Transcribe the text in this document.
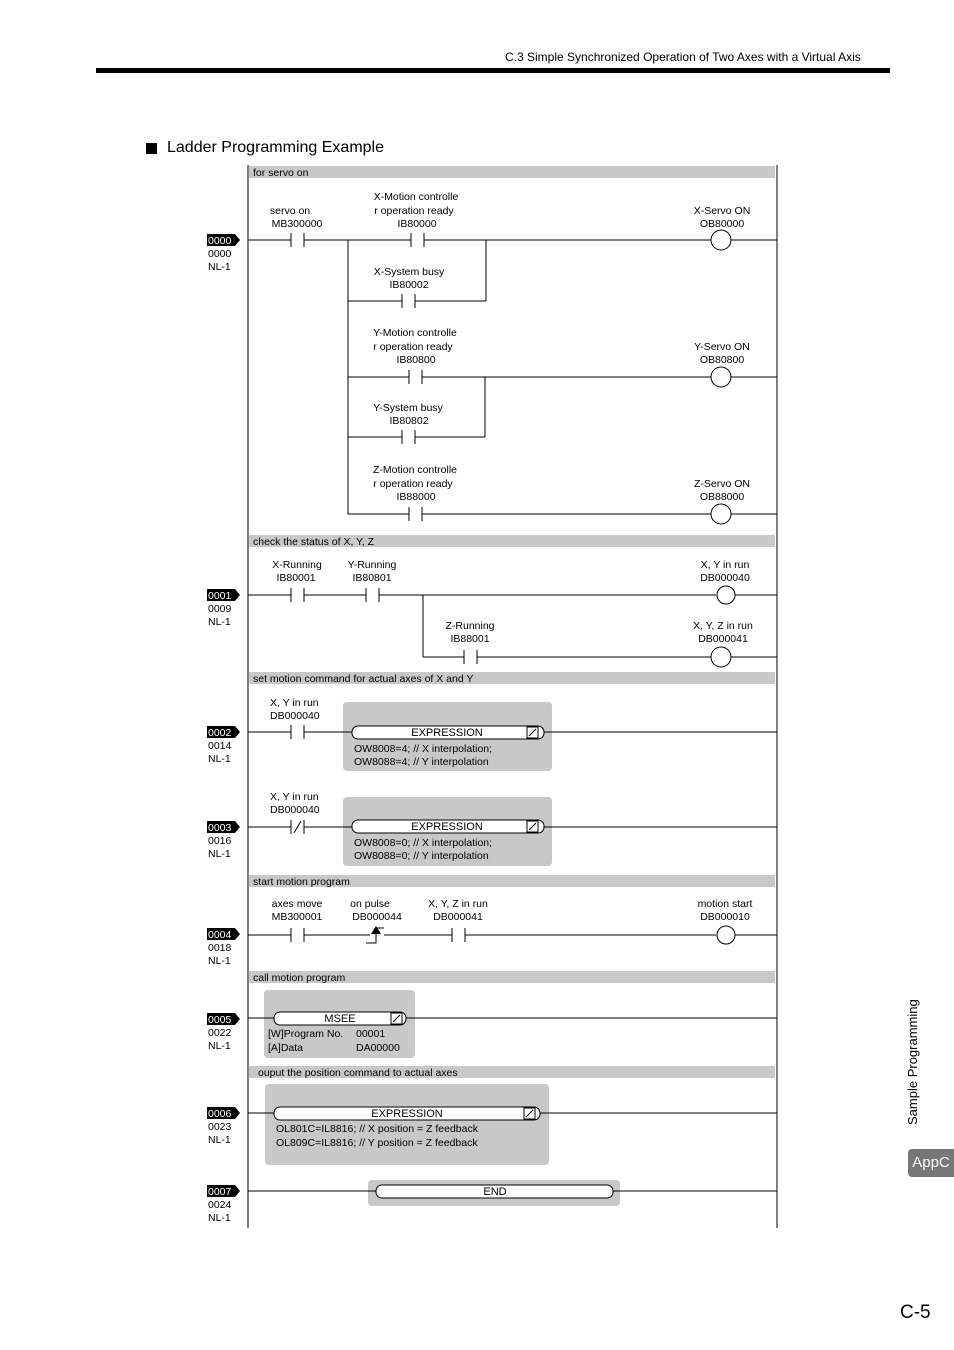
C.3 Simple Synchronized Operation of Two Axes with a Virtual Axis
Ladder Programming Example
Sample Programming
AppC
C-5
for servo on
check the status of X, Y, Z
set motion command for actual axes of X and Y
start motion program
call motion program
ouput the position command to actual axes
0000
0000
NL-1
0001
0009
NL-1
0002
0014
NL-1
0003
0016
NL-1
0004
0018
NL-1
0005
0022
NL-1
0006
0023
NL-1
0007
0024
NL-1
servo on
MB300000
X-Motion controlle
r operation ready
IB80000
X-System busy
IB80002
Y-Motion controlle
r operation ready
IB80800
Y-System busy
IB80802
Z-Motion controlle
r operation ready
IB88000
X-Servo ON
OB80000
Y-Servo ON
OB80800
Z-Servo ON
OB88000
X-Running
IB80001
Y-Running
IB80801
Z-Running
IB88001
X, Y in run
DB000040
X, Y, Z in run
DB000041
X, Y in run
DB000040
EXPRESSION
OW8008=4; // X interpolation;
OW8088=4; // Y interpolation
X, Y in run
DB000040
EXPRESSION
OW8008=0; // X interpolation;
OW8088=0; // Y interpolation
axes move
MB300001
on pulse
DB000044
X, Y, Z in run
DB000041
motion start
DB000010
MSEE
[W]Program No. 00001
[A]Data	DA00000
EXPRESSION
OL801C=IL8816; // X position = Z feedback
OL809C=IL8816; // Y position = Z feedback
END
